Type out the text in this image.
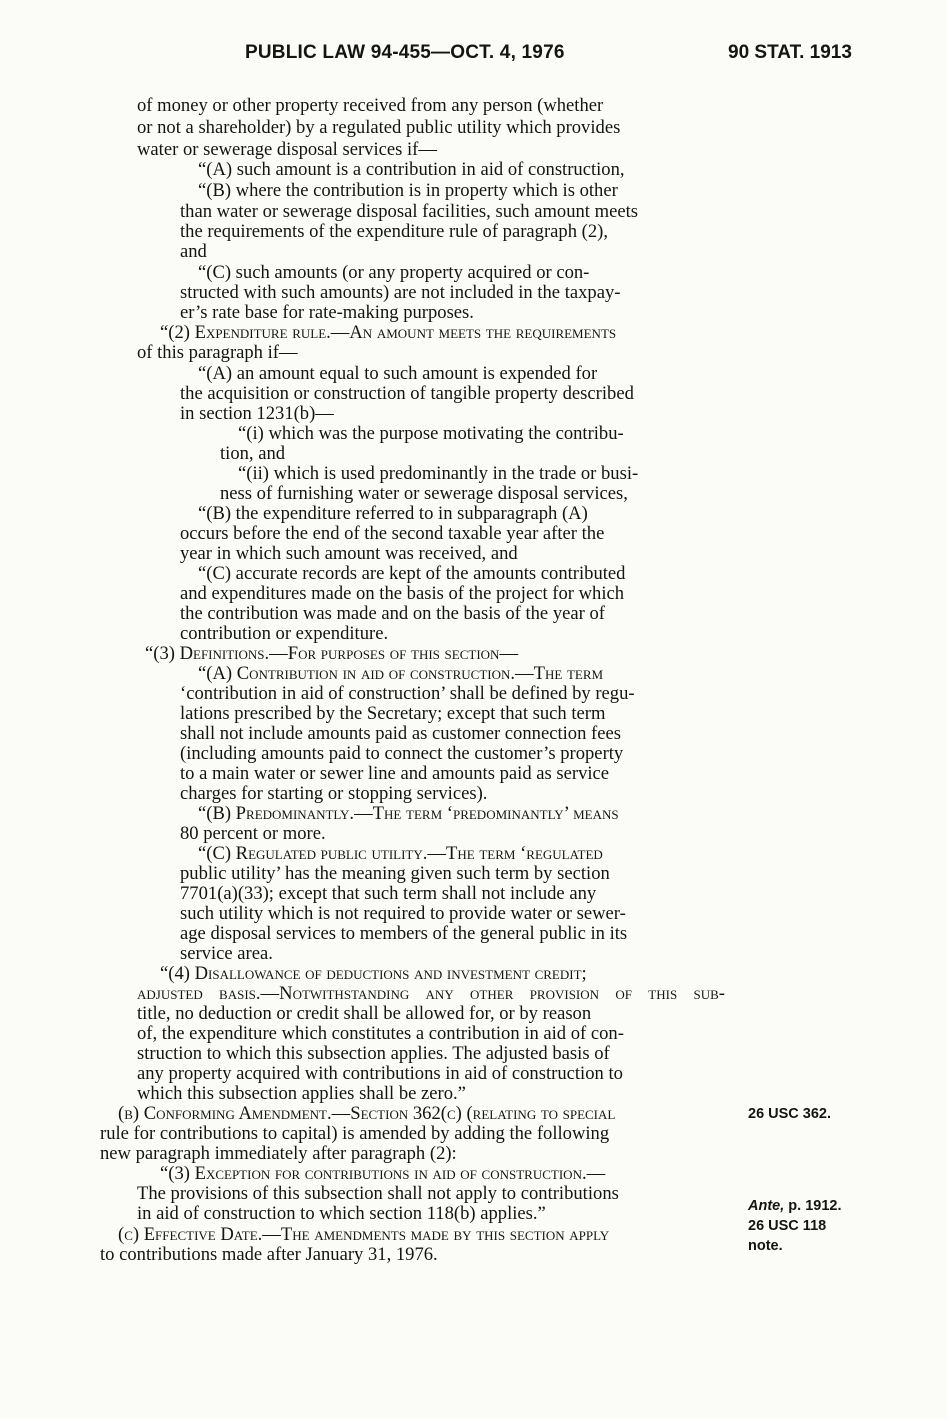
PUBLIC LAW 94-455—OCT. 4, 1976	90 STAT. 1913
of money or other property received from any person (whether
or not a shareholder) by a regulated public utility which provides
water or sewerage disposal services if—
“(A) such amount is a contribution in aid of construction,
“(B) where the contribution is in property which is other
than water or sewerage disposal facilities, such amount meets
the requirements of the expenditure rule of paragraph (2),
and
“(C) such amounts (or any property acquired or con-
structed with such amounts) are not included in the taxpay-
er’s rate base for rate-making purposes.
“(2) Expenditure rule.—An amount meets the requirements
of this paragraph if—
“(A) an amount equal to such amount is expended for
the acquisition or construction of tangible property described
in section 1231(b)—
“(i) which was the purpose motivating the contribu-
tion, and
“(ii) which is used predominantly in the trade or busi-
ness of furnishing water or sewerage disposal services,
“(B) the expenditure referred to in subparagraph (A)
occurs before the end of the second taxable year after the
year in which such amount was received, and
“(C) accurate records are kept of the amounts contributed
and expenditures made on the basis of the project for which
the contribution was made and on the basis of the year of
contribution or expenditure.
“(3) Definitions.—For purposes of this section—
“(A) Contribution in aid of construction.—The term
‘contribution in aid of construction’ shall be defined by regu-
lations prescribed by the Secretary; except that such term
shall not include amounts paid as customer connection fees
(including amounts paid to connect the customer’s property
to a main water or sewer line and amounts paid as service
charges for starting or stopping services).
“(B) Predominantly.—The term ‘predominantly’ means
80 percent or more.
“(C) Regulated public utility.—The term ‘regulated
public utility’ has the meaning given such term by section
7701(a)(33); except that such term shall not include any
such utility which is not required to provide water or sewer-
age disposal services to members of the general public in its
service area.
“(4) Disallowance of deductions and investment credit;
adjusted basis.—Notwithstanding any other provision of this sub-
title, no deduction or credit shall be allowed for, or by reason
of, the expenditure which constitutes a contribution in aid of con-
struction to which this subsection applies. The adjusted basis of
any property acquired with contributions in aid of construction to
which this subsection applies shall be zero.”
(b) Conforming Amendment.—Section 362(c) (relating to special
rule for contributions to capital) is amended by adding the following
new paragraph immediately after paragraph (2):
“(3) Exception for contributions in aid of construction.—
The provisions of this subsection shall not apply to contributions
in aid of construction to which section 118(b) applies.”
(c) Effective Date.—The amendments made by this section apply
to contributions made after January 31, 1976.
26 USC 362.
Ante, p. 1912.
26 USC 118
note.
